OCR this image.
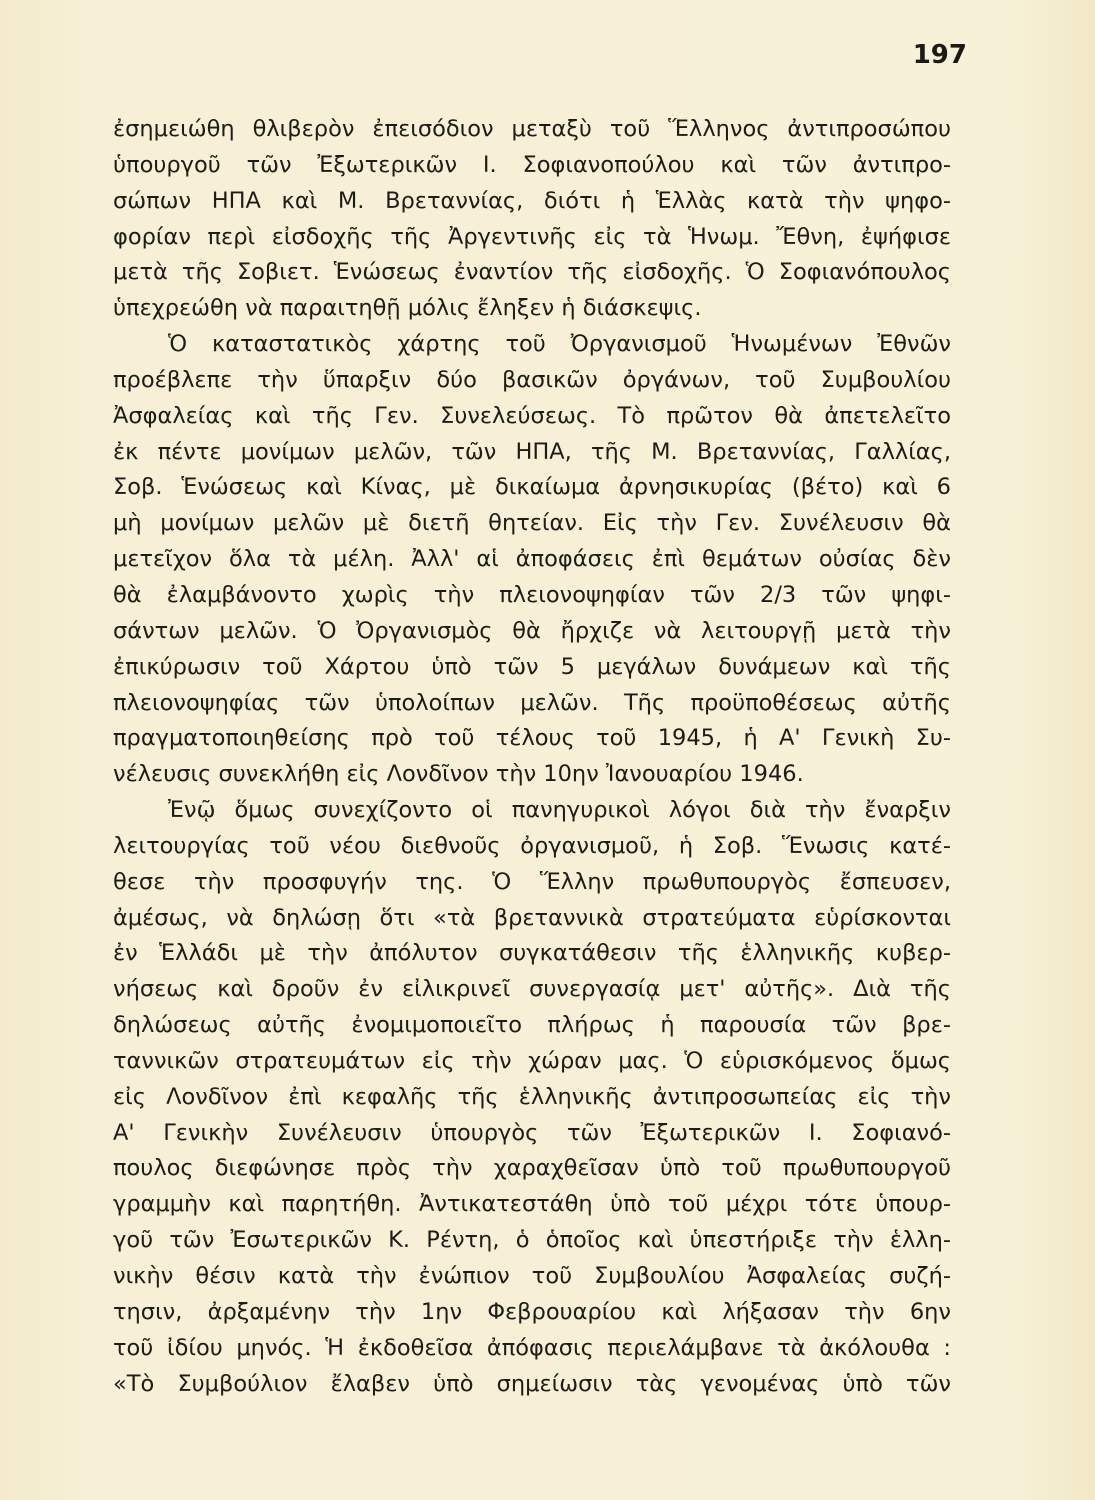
197
ἐσημειώθη θλιβερὸν ἐπεισόδιον μεταξὺ τοῦ Ἕλληνος ἀντιπροσώπου
ὑπουργοῦ τῶν Ἐξωτερικῶν Ι. Σοφιανοπούλου καὶ τῶν ἀντιπρο-
σώπων ΗΠΑ καὶ Μ. Βρεταννίας, διότι ἡ Ἑλλὰς κατὰ τὴν ψηφο-
φορίαν περὶ εἰσδοχῆς τῆς Ἀργεντινῆς εἰς τὰ Ἡνωμ. Ἔθνη, ἐψήφισε
μετὰ τῆς Σοβιετ. Ἑνώσεως ἐναντίον τῆς εἰσδοχῆς. Ὁ Σοφιανόπουλος
ὑπεχρεώθη νὰ παραιτηθῇ μόλις ἔληξεν ἡ διάσκεψις.
Ὁ καταστατικὸς χάρτης τοῦ Ὀργανισμοῦ Ἡνωμένων Ἐθνῶν
προέβλεπε τὴν ὕπαρξιν δύο βασικῶν ὀργάνων, τοῦ Συμβουλίου
Ἀσφαλείας καὶ τῆς Γεν. Συνελεύσεως. Τὸ πρῶτον θὰ ἀπετελεῖτο
ἐκ πέντε μονίμων μελῶν, τῶν ΗΠΑ, τῆς Μ. Βρεταννίας, Γαλλίας,
Σοβ. Ἑνώσεως καὶ Κίνας, μὲ δικαίωμα ἀρνησικυρίας (βέτο) καὶ 6
μὴ μονίμων μελῶν μὲ διετῆ θητείαν. Εἰς τὴν Γεν. Συνέλευσιν θὰ
μετεῖχον ὅλα τὰ μέλη. Ἀλλ' αἱ ἀποφάσεις ἐπὶ θεμάτων οὐσίας δὲν
θὰ ἐλαμβάνοντο χωρὶς τὴν πλειονοψηφίαν τῶν 2/3 τῶν ψηφι-
σάντων μελῶν. Ὁ Ὀργανισμὸς θὰ ἤρχιζε νὰ λειτουργῇ μετὰ τὴν
ἐπικύρωσιν τοῦ Χάρτου ὑπὸ τῶν 5 μεγάλων δυνάμεων καὶ τῆς
πλειονοψηφίας τῶν ὑπολοίπων μελῶν. Τῆς προϋποθέσεως αὐτῆς
πραγματοποιηθείσης πρὸ τοῦ τέλους τοῦ 1945, ἡ Α' Γενικὴ Συ-
νέλευσις συνεκλήθη εἰς Λονδῖνον τὴν 10ην Ἰανουαρίου 1946.
Ἐνῷ ὅμως συνεχίζοντο οἱ πανηγυρικοὶ λόγοι διὰ τὴν ἔναρξιν
λειτουργίας τοῦ νέου διεθνοῦς ὀργανισμοῦ, ἡ Σοβ. Ἕνωσις κατέ-
θεσε τὴν προσφυγήν της. Ὁ Ἕλλην πρωθυπουργὸς ἔσπευσεν,
ἀμέσως, νὰ δηλώσῃ ὅτι «τὰ βρεταννικὰ στρατεύματα εὑρίσκονται
ἐν Ἑλλάδι μὲ τὴν ἀπόλυτον συγκατάθεσιν τῆς ἑλληνικῆς κυβερ-
νήσεως καὶ δροῦν ἐν εἰλικρινεῖ συνεργασίᾳ μετ' αὐτῆς». Διὰ τῆς
δηλώσεως αὐτῆς ἐνομιμοποιεῖτο πλήρως ἡ παρουσία τῶν βρε-
ταννικῶν στρατευμάτων εἰς τὴν χώραν μας. Ὁ εὑρισκόμενος ὅμως
εἰς Λονδῖνον ἐπὶ κεφαλῆς τῆς ἑλληνικῆς ἀντιπροσωπείας εἰς τὴν
Α' Γενικὴν Συνέλευσιν ὑπουργὸς τῶν Ἐξωτερικῶν Ι. Σοφιανό-
πουλος διεφώνησε πρὸς τὴν χαραχθεῖσαν ὑπὸ τοῦ πρωθυπουργοῦ
γραμμὴν καὶ παρητήθη. Ἀντικατεστάθη ὑπὸ τοῦ μέχρι τότε ὑπουρ-
γοῦ τῶν Ἐσωτερικῶν Κ. Ρέντη, ὁ ὁποῖος καὶ ὑπεστήριξε τὴν ἑλλη-
νικὴν θέσιν κατὰ τὴν ἐνώπιον τοῦ Συμβουλίου Ἀσφαλείας συζή-
τησιν, ἀρξαμένην τὴν 1ην Φεβρουαρίου καὶ λήξασαν τὴν 6ην
τοῦ ἰδίου μηνός. Ἡ ἐκδοθεῖσα ἀπόφασις περιελάμβανε τὰ ἀκόλουθα :
«Τὸ Συμβούλιον ἔλαβεν ὑπὸ σημείωσιν τὰς γενομένας ὑπὸ τῶν
